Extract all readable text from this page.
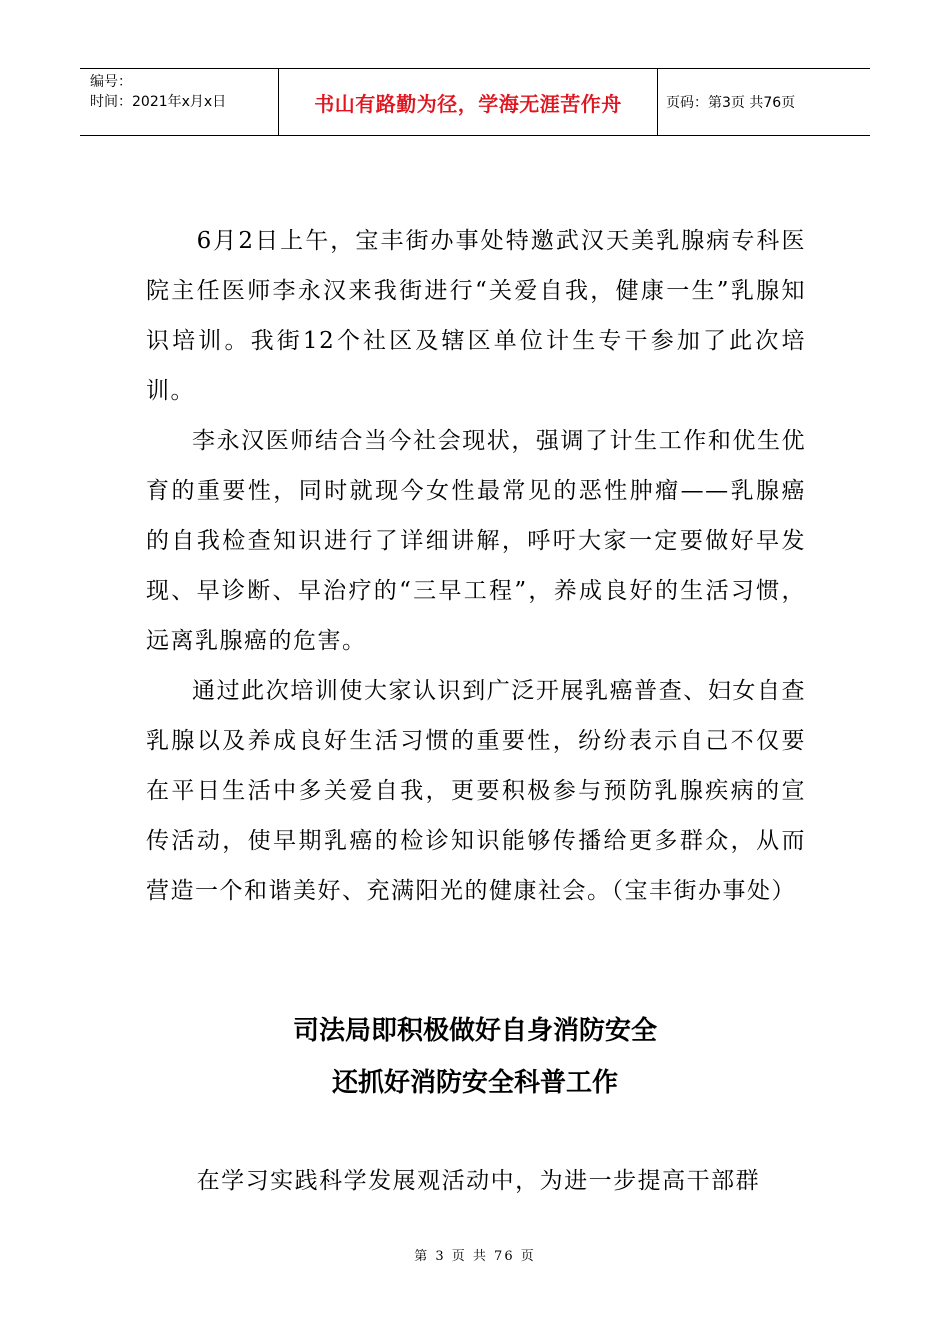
编号：
时间：2021年x月x日	书山有路勤为径，学海无涯苦作舟	页码：第3页 共76页

6月2日上午，宝丰街办事处特邀武汉天美乳腺病专科医院主任医师李永汉来我街进行“关爱自我，健康一生”乳腺知识培训。我街12个社区及辖区单位计生专干参加了此次培训。

李永汉医师结合当今社会现状，强调了计生工作和优生优育的重要性，同时就现今女性最常见的恶性肿瘤——乳腺癌的自我检查知识进行了详细讲解，呼吁大家一定要做好早发现、早诊断、早治疗的“三早工程”，养成良好的生活习惯，远离乳腺癌的危害。

通过此次培训使大家认识到广泛开展乳癌普查、妇女自查乳腺以及养成良好生活习惯的重要性，纷纷表示自己不仅要在平日生活中多关爱自我，更要积极参与预防乳腺疾病的宣传活动，使早期乳癌的检诊知识能够传播给更多群众，从而营造一个和谐美好、充满阳光的健康社会。（宝丰街办事处）

司法局即积极做好自身消防安全
还抓好消防安全科普工作

在学习实践科学发展观活动中，为进一步提高干部群

第 3 页 共 76 页
